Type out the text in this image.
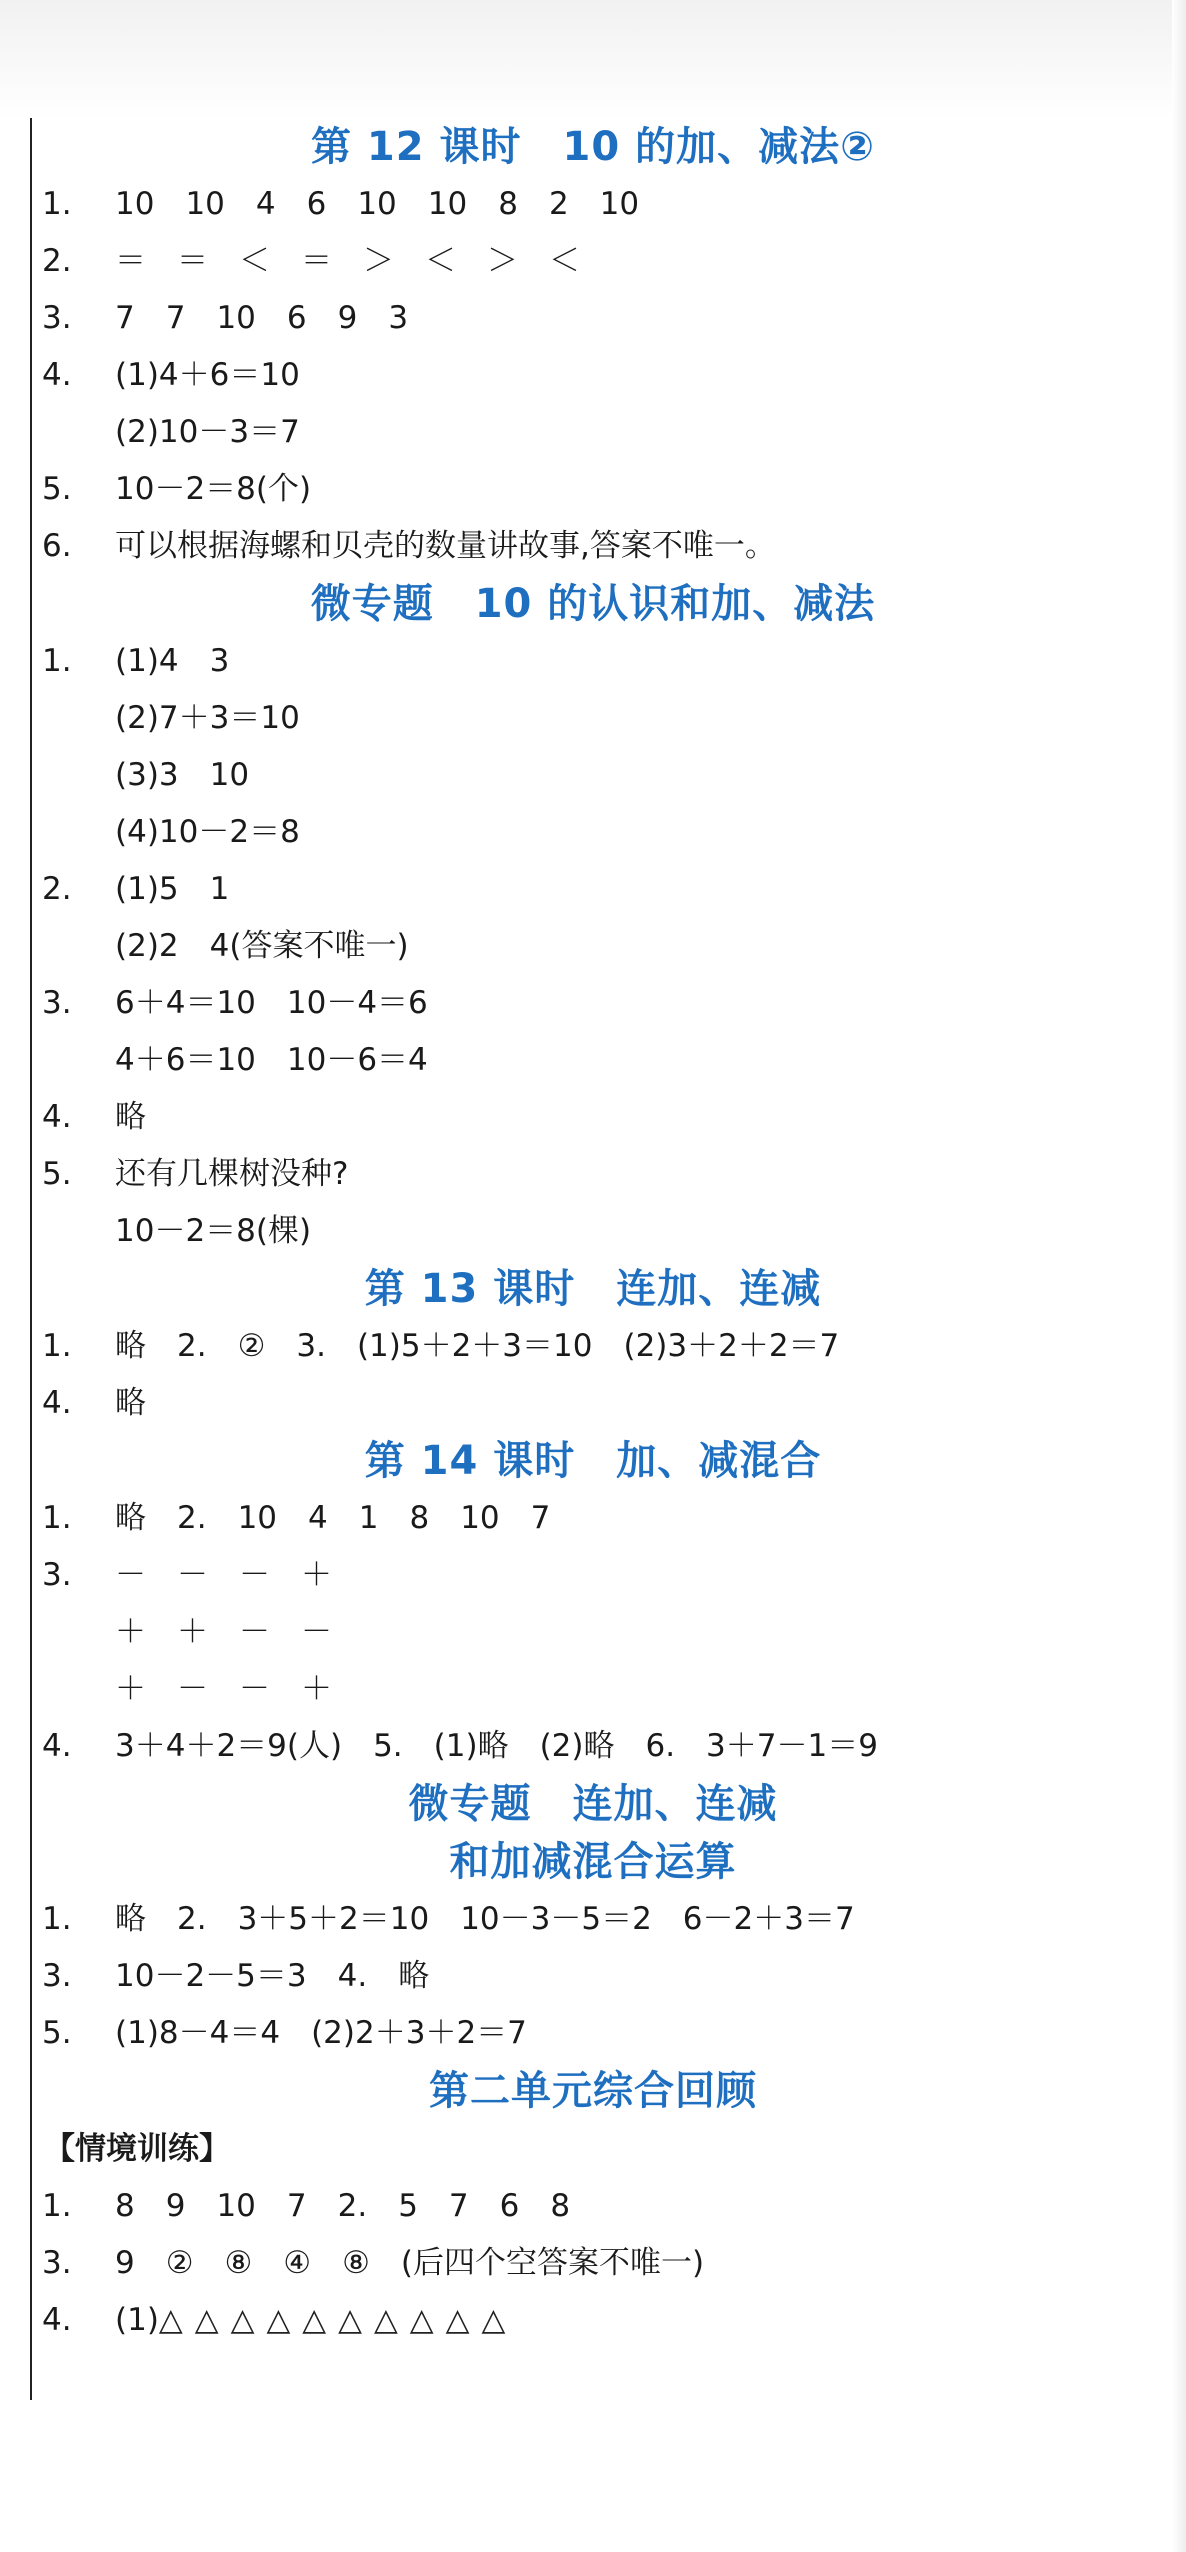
第 12 课时　10 的加、减法②
1. 10　10　4　6　10　10　8　2　10
2. ＝　＝　＜　＝　＞　＜　＞　＜
3. 7　7　10　6　9　3
4. (1)4＋6＝10
(2)10－3＝7
5. 10－2＝8(个)
6. 可以根据海螺和贝壳的数量讲故事,答案不唯一。
微专题　10 的认识和加、减法
1. (1)4　3
(2)7＋3＝10
(3)3　10
(4)10－2＝8
2. (1)5　1
(2)2　4(答案不唯一)
3. 6＋4＝10　10－4＝6
4＋6＝10　10－6＝4
4. 略
5. 还有几棵树没种?
10－2＝8(棵)
第 13 课时　连加、连减
1. 略　2.　②　3.　(1)5＋2＋3＝10　(2)3＋2＋2＝7
4. 略
第 14 课时　加、减混合
1. 略　2.　10　4　1　8　10　7
3. －　－　－　＋
＋　＋　－　－
＋　－　－　＋
4. 3＋4＋2＝9(人)　5.　(1)略　(2)略　6.　3＋7－1＝9
微专题　连加、连减
和加减混合运算
1. 略　2.　3＋5＋2＝10　10－3－5＝2　6－2＋3＝7
3. 10－2－5＝3　4.　略
5. (1)8－4＝4　(2)2＋3＋2＝7
第二单元综合回顾
【情境训练】
1. 8　9　10　7　2.　5　7　6　8
3. 9　②　⑧　④　⑧　(后四个空答案不唯一)
4. (1)△△△△△△△△△△
